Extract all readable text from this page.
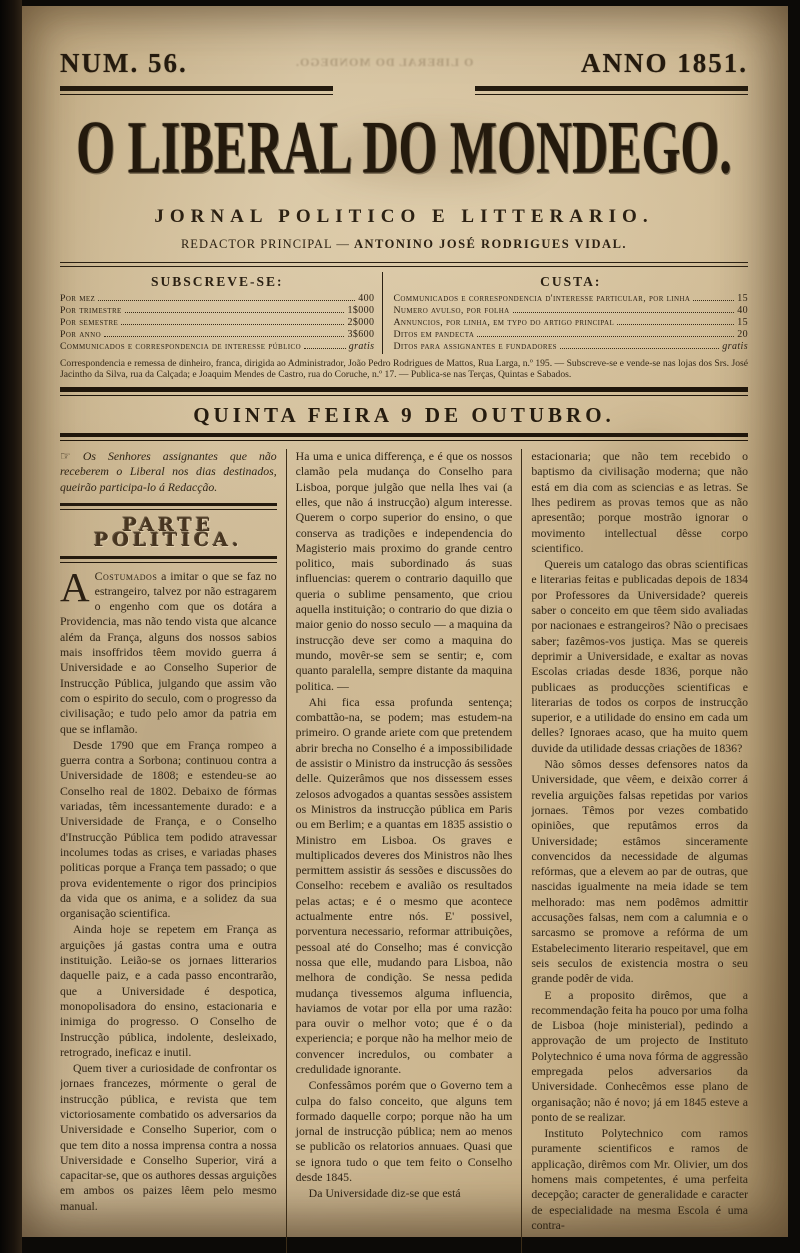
NUM. 56.	O LIBERAL DO MONDEGO.	ANNO 1851.
O LIBERAL DO MONDEGO.
JORNAL POLITICO E LITTERARIO.
REDACTOR PRINCIPAL — ANTONINO JOSÉ RODRIGUES VIDAL.
SUBSCREVE-SE:
Por mez	400
Por trimestre	1$000
Por semestre	2$000
Por anno	3$600
Communicados e correspondencia de interesse público	gratis
CUSTA:
Communicados e correspondencia d'interesse particular, por linha	15
Numero avulso, por folha	40
Annuncios, por linha, em typo do artigo principal	15
Ditos em pandecta	20
Ditos para assignantes e fundadores	gratis
Correspondencia e remessa de dinheiro, franca, dirigida ao Administrador, João Pedro Rodrigues de Mattos, Rua Larga, n.º 195. — Subscreve-se e vende-se nas lojas dos Srs. José Jacintho da Silva, rua da Calçada; e Joaquim Mendes de Castro, rua do Coruche, n.º 17. — Publica-se nas Terças, Quintas e Sabados.
QUINTA FEIRA 9 DE OUTUBRO.

☞ Os Senhores assignantes que não receberem o Liberal nos dias destinados, queirão participa-lo á Redacção.

PARTE POLITICA.

A Costumados a imitar o que se faz no estrangeiro, talvez por não estragarem o engenho com que os dotára a Providencia, mas não tendo vista que alcance além da França, alguns dos nossos sabios mais insoffridos têem movido guerra á Universidade e ao Conselho Superior de Instrucção Pública, julgando que assim vão com o espirito do seculo, com o progresso da civilisação; e tudo pelo amor da patria em que se inflamão.

Desde 1790 que em França rompeo a guerra contra a Sorbona; continuou contra a Universidade de 1808; e estendeu-se ao Conselho real de 1802. Debaixo de fórmas variadas, têm incessantemente durado: e a Universidade de França, e o Conselho d'Instrucção Pública tem podido atravessar incolumes todas as crises, e variadas phases politicas porque a França tem passado; o que prova evidentemente o rigor dos principios da vida que os anima, e a solidez da sua organisação scientifica.

Ainda hoje se repetem em França as arguições já gastas contra uma e outra instituição. Leião-se os jornaes litterarios daquelle paiz, e a cada passo encontrarão, que a Universidade é despotica, monopolisadora do ensino, estacionaria e inimiga do progresso. O Conselho de Instrucção pública, indolente, desleixado, retrogrado, ineficaz e inutil.

Quem tiver a curiosidade de confrontar os jornaes francezes, mórmente o geral de instrucção pública, e revista que tem victoriosamente combatido os adversarios da Universidade e Conselho Superior, com o que tem dito a nossa imprensa contra a nossa Universidade e Conselho Superior, virá a capacitar-se, que os authores dessas arguições em ambos os paizes lêem pelo mesmo manual.

Ha uma e unica differença, e é que os nossos clamão pela mudança do Conselho para Lisboa, porque julgão que nella lhes vai (a elles, que não á instrucção) algum interesse. Querem o corpo superior do ensino, o que conserva as tradições e independencia do Magisterio mais proximo do grande centro politico, mais subordinado ás suas influencias: querem o contrario daquillo que queria o sublime pensamento, que criou aquella instituição; o contrario do que dizia o maior genio do nosso seculo — a maquina da instrucção deve ser como a maquina do mundo, movêr-se sem se sentir; e, com quanto paralella, sempre distante da maquina politica. —

Ahi fica essa profunda sentença; combattão-na, se podem; mas estudem-na primeiro. O grande ariete com que pretendem abrir brecha no Conselho é a impossibilidade de assistir o Ministro da instrucção ás sessões delle. Quizerâmos que nos dissessem esses zelosos advogados a quantas sessões assistem os Ministros da instrucção pública em Paris ou em Berlim; e a quantas em 1835 assistio o Ministro em Lisboa. Os graves e multiplicados deveres dos Ministros não lhes permittem assistir ás sessões e discussões do Conselho: recebem e avalião os resultados pelas actas; e é o mesmo que acontece actualmente entre nós. E' possivel, porventura necessario, reformar attribuições, pessoal até do Conselho; mas é convicção nossa que elle, mudando para Lisboa, não melhora de condição. Se nessa pedida mudança tivessemos alguma influencia, haviamos de votar por ella por uma razão: para ouvir o melhor voto; que é o da experiencia; e porque não ha melhor meio de convencer incredulos, ou combater a credulidade ignorante.

Confessâmos porém que o Governo tem a culpa do falso conceito, que alguns tem formado daquelle corpo; porque não ha um jornal de instrucção pública; nem ao menos se publicão os relatorios annuaes. Quasi que se ignora tudo o que tem feito o Conselho desde 1845.

Da Universidade diz-se que está

estacionaria; que não tem recebido o baptismo da civilisação moderna; que não está em dia com as sciencias e as letras. Se lhes pedirem as provas temos que as não apresentão; porque mostrão ignorar o movimento intellectual dêsse corpo scientifico.

Quereis um catalogo das obras scientificas e literarias feitas e publicadas depois de 1834 por Professores da Universidade? quereis saber o conceito em que têem sido avaliadas por nacionaes e estrangeiros? Não o precisaes saber; fazêmos-vos justiça. Mas se quereis deprimir a Universidade, e exaltar as novas Escolas criadas desde 1836, porque não publicaes as producções scientificas e literarias de todos os corpos de instrucção superior, e a utilidade do ensino em cada um delles? Ignoraes acaso, que ha muito quem duvide da utilidade dessas criações de 1836?

Não sômos desses defensores natos da Universidade, que vêem, e deixão correr á revelia arguições falsas repetidas por varios jornaes. Têmos por vezes combatido opiniões, que reputâmos erros da Universidade; estâmos sinceramente convencidos da necessidade de algumas refórmas, que a elevem ao par de outras, que nascidas igualmente na meia idade se tem melhorado: mas nem podêmos admittir accusações falsas, nem com a calumnia e o sarcasmo se promove a refórma de um Estabelecimento literario respeitavel, que em seis seculos de existencia mostra o seu grande podêr de vida.

E a proposito dirêmos, que a recommendação feita ha pouco por uma folha de Lisboa (hoje ministerial), pedindo a approvação de um projecto de Instituto Polytechnico é uma nova fórma de aggressão empregada pelos adversarios da Universidade. Conhecêmos esse plano de organisação; não é novo; já em 1845 esteve a ponto de se realizar.

Instituto Polytechnico com ramos puramente scientificos e ramos de applicação, dirêmos com Mr. Olivier, um dos homens mais competentes, é uma perfeita decepção; caracter de generalidade e caracter de especialidade na mesma Escola é uma contra-
